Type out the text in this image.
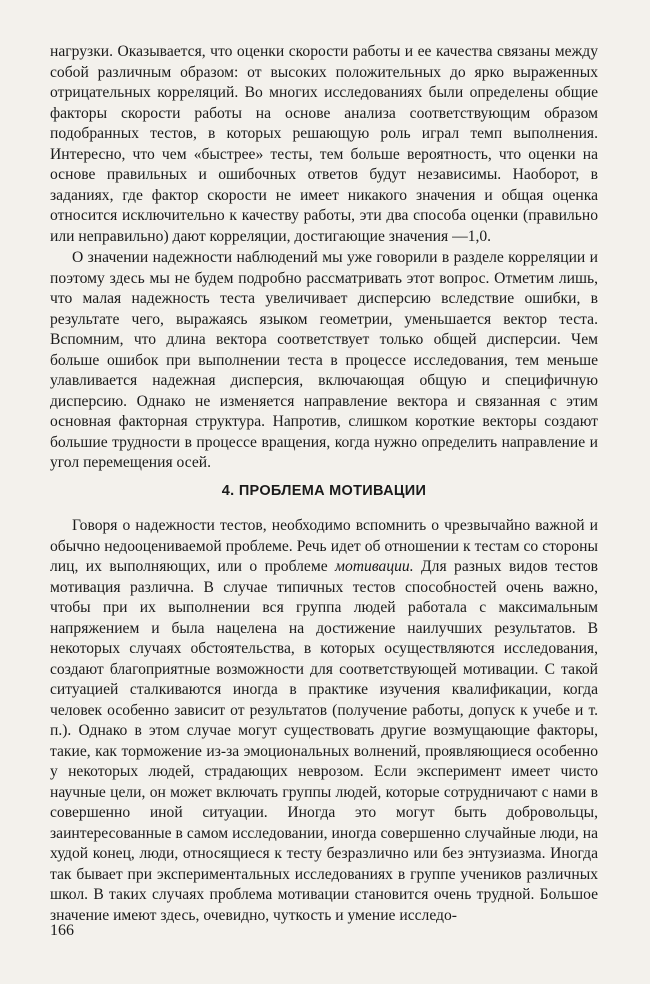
нагрузки. Оказывается, что оценки скорости работы и ее качества связаны между собой различным образом: от высоких положительных до ярко выраженных отрицательных корреляций. Во многих исследованиях были определены общие факторы скорости работы на основе анализа соответствующим образом подобранных тестов, в которых решающую роль играл темп выполнения. Интересно, что чем «быстрее» тесты, тем больше вероятность, что оценки на основе правильных и ошибочных ответов будут независимы. Наоборот, в заданиях, где фактор скорости не имеет никакого значения и общая оценка относится исключительно к качеству работы, эти два способа оценки (правильно или неправильно) дают корреляции, достигающие значения —1,0.

О значении надежности наблюдений мы уже говорили в разделе корреляции и поэтому здесь мы не будем подробно рассматривать этот вопрос. Отметим лишь, что малая надежность теста увеличивает дисперсию вследствие ошибки, в результате чего, выражаясь языком геометрии, уменьшается вектор теста. Вспомним, что длина вектора соответствует только общей дисперсии. Чем больше ошибок при выполнении теста в процессе исследования, тем меньше улавливается надежная дисперсия, включающая общую и специфичную дисперсию. Однако не изменяется направление вектора и связанная с этим основная факторная структура. Напротив, слишком короткие векторы создают большие трудности в процессе вращения, когда нужно определить направление и угол перемещения осей.

4. ПРОБЛЕМА МОТИВАЦИИ

Говоря о надежности тестов, необходимо вспомнить о чрезвычайно важной и обычно недооцениваемой проблеме. Речь идет об отношении к тестам со стороны лиц, их выполняющих, или о проблеме мотивации. Для разных видов тестов мотивация различна. В случае типичных тестов способностей очень важно, чтобы при их выполнении вся группа людей работала с максимальным напряжением и была нацелена на достижение наилучших результатов. В некоторых случаях обстоятельства, в которых осуществляются исследования, создают благоприятные возможности для соответствующей мотивации. С такой ситуацией сталкиваются иногда в практике изучения квалификации, когда человек особенно зависит от результатов (получение работы, допуск к учебе и т. п.). Однако в этом случае могут существовать другие возмущающие факторы, такие, как торможение из-за эмоциональных волнений, проявляющиеся особенно у некоторых людей, страдающих неврозом. Если эксперимент имеет чисто научные цели, он может включать группы людей, которые сотрудничают с нами в совершенно иной ситуации. Иногда это могут быть добровольцы, заинтересованные в самом исследовании, иногда совершенно случайные люди, на худой конец, люди, относящиеся к тесту безразлично или без энтузиазма. Иногда так бывает при экспериментальных исследованиях в группе учеников различных школ. В таких случаях проблема мотивации становится очень трудной. Большое значение имеют здесь, очевидно, чуткость и умение исследо-

166
